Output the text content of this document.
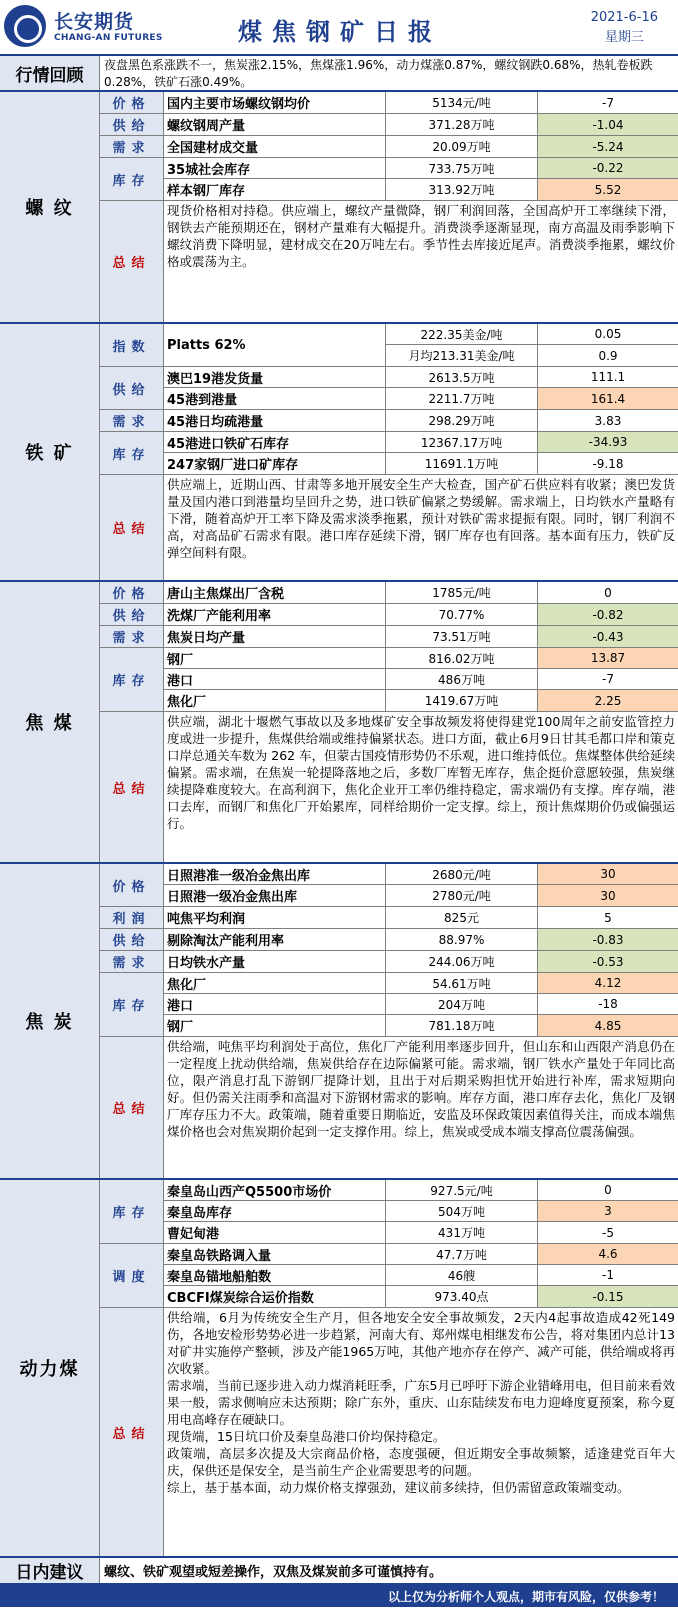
长安期货
CHANG-AN FUTURES	煤焦钢矿日报
2021-6-16
星期三
行情回顾
夜盘黑色系涨跌不一，焦炭涨2.15%，焦煤涨1.96%，动力煤涨0.87%，螺纹钢跌0.68%，热轧卷板跌0.28%，铁矿石涨0.49%。
螺 纹
价格	国内主要市场螺纹钢均价	5134元/吨	-7
供给	螺纹钢周产量	371.28万吨	-1.04
需求	全国建材成交量	20.09万吨	-5.24
库存
35城社会库存	733.75万吨	-0.22
样本钢厂库存	313.92万吨	5.52
总结
现货价格相对持稳。供应端上，螺纹产量微降，钢厂利润回落，全国高炉开工率继续下滑，钢铁去产能预期还在，钢材产量难有大幅提升。消费淡季逐渐显现，南方高温及雨季影响下螺纹消费下降明显，建材成交在20万吨左右。季节性去库接近尾声。消费淡季拖累，螺纹价格或震荡为主。
铁 矿
指数	Platts 62%
222.35美金/吨	0.05
月均213.31美金/吨	0.9
供给
澳巴19港发货量	2613.5万吨	111.1
45港到港量	2211.7万吨	161.4
需求	45港日均疏港量	298.29万吨	3.83
库存
45港进口铁矿石库存	12367.17万吨	-34.93
247家钢厂进口矿库存	11691.1万吨	-9.18
总结
供应端上，近期山西、甘肃等多地开展安全生产大检查，国产矿石供应料有收紧；澳巴发货量及国内港口到港量均呈回升之势，进口铁矿偏紧之势缓解。需求端上，日均铁水产量略有下滑，随着高炉开工率下降及需求淡季拖累，预计对铁矿需求提振有限。同时，钢厂利润不高，对高品矿石需求有限。港口库存延续下滑，钢厂库存也有回落。基本面有压力，铁矿反弹空间料有限。
焦 煤
价格	唐山主焦煤出厂含税	1785元/吨	0
供给	洗煤厂产能利用率	70.77%	-0.82
需求	焦炭日均产量	73.51万吨	-0.43
库存
钢厂	816.02万吨	13.87
港口	486万吨	-7
焦化厂	1419.67万吨	2.25
总结
供应端，湖北十堰燃气事故以及多地煤矿安全事故频发将使得建党100周年之前安监管控力度或进一步提升，焦煤供给端或维持偏紧状态。进口方面，截止6月9日甘其毛都口岸和策克口岸总通关车数为 262 车，但蒙古国疫情形势仍不乐观，进口维持低位。焦煤整体供给延续偏紧。需求端，在焦炭一轮提降落地之后，多数厂库暂无库存，焦企挺价意愿较强，焦炭继续提降难度较大。在高利润下，焦化企业开工率仍维持稳定，需求端仍有支撑。库存端，港口去库，而钢厂和焦化厂开始累库，同样给期价一定支撑。综上，预计焦煤期价仍或偏强运行。
焦 炭
价格
日照港准一级冶金焦出库	2680元/吨	30
日照港一级冶金焦出库	2780元/吨	30
利润	吨焦平均利润	825元	5
供给	剔除淘汰产能利用率	88.97%	-0.83
需求	日均铁水产量	244.06万吨	-0.53
库存
焦化厂	54.61万吨	4.12
港口	204万吨	-18
钢厂	781.18万吨	4.85
总结
供给端，吨焦平均利润处于高位，焦化厂产能利用率逐步回升，但山东和山西限产消息仍在一定程度上扰动供给端，焦炭供给存在边际偏紧可能。需求端，钢厂铁水产量处于年同比高位，限产消息打乱下游钢厂提降计划，且出于对后期采购担忧开始进行补库，需求短期向好。但仍需关注雨季和高温对下游钢材需求的影响。库存方面，港口库存去化，焦化厂及钢厂库存压力不大。政策端，随着重要日期临近，安监及环保政策因素值得关注，而成本端焦煤价格也会对焦炭期价起到一定支撑作用。综上，焦炭或受成本端支撑高位震荡偏强。
动力煤
库存
秦皇岛山西产Q5500市场价	927.5元/吨	0
秦皇岛库存	504万吨	3
曹妃甸港	431万吨	-5
调度
秦皇岛铁路调入量	47.7万吨	4.6
秦皇岛锚地船舶数	46艘	-1
CBCFI煤炭综合运价指数	973.40点	-0.15
总结

供给端，6月为传统安全生产月，但各地安全安全事故频发，2天内4起事故造成42死149伤，各地安检形势势必进一步趋紧，河南大有、郑州煤电相继发布公告，将对集团内总计13对矿井实施停产整顿，涉及产能1965万吨，其他产地亦存在停产、减产可能，供给端或将再次收紧。

需求端，当前已逐步进入动力煤消耗旺季，广东5月已呼吁下游企业错峰用电，但目前来看效果一般，需求侧响应未达预期；除广东外，重庆、山东陆续发布电力迎峰度夏预案，称今夏用电高峰存在硬缺口。

现货端，15日坑口价及秦皇岛港口价均保持稳定。

政策端，高层多次提及大宗商品价格，态度强硬，但近期安全事故频繁，适逢建党百年大庆，保供还是保安全，是当前生产企业需要思考的问题。

综上，基于基本面，动力煤价格支撑强劲，建议前多续持，但仍需留意政策端变动。

日内建议	螺纹、铁矿观望或短差操作，双焦及煤炭前多可谨慎持有。
以上仅为分析师个人观点，期市有风险，仅供参考！
